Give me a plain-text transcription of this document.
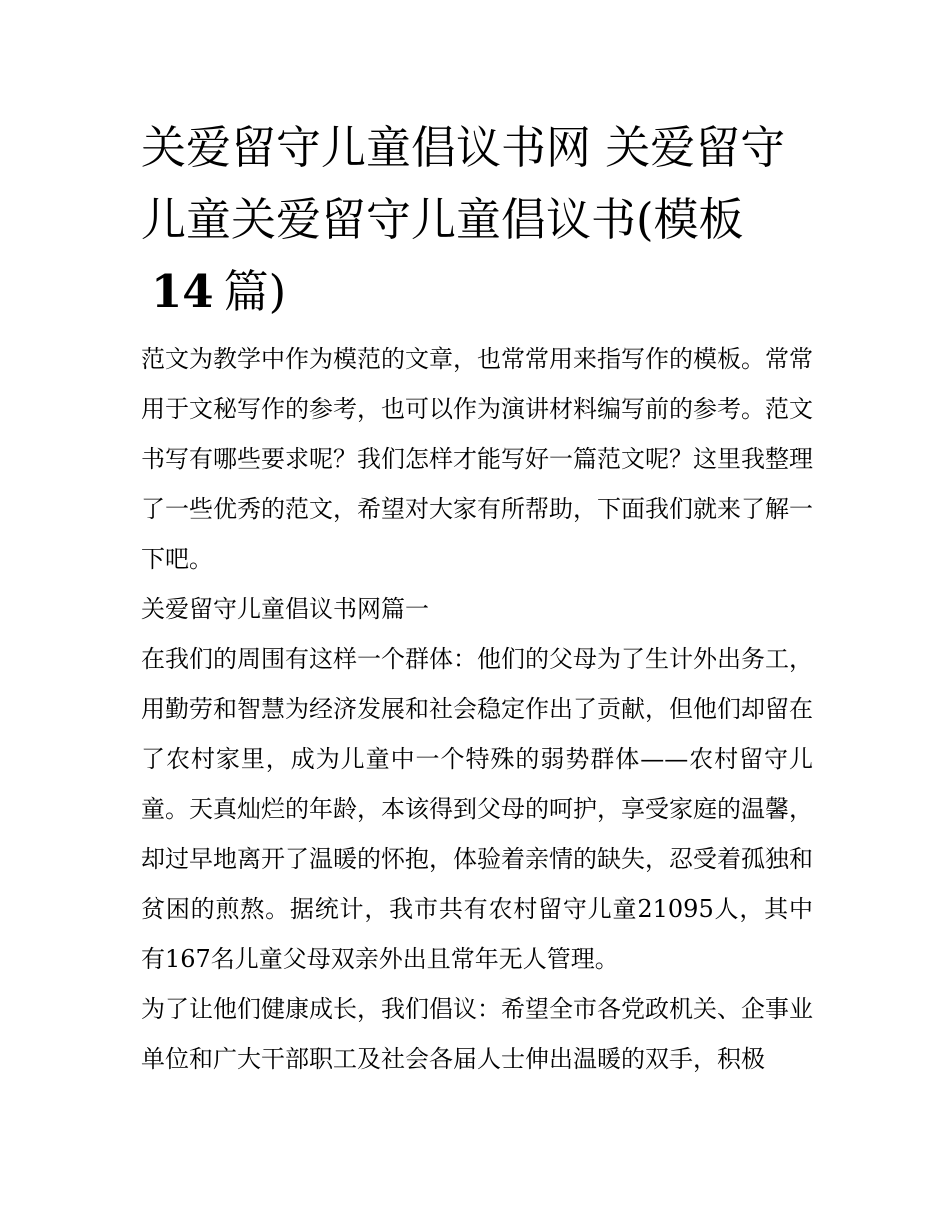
关爱留守儿童倡议书网 关爱留守儿童关爱留守儿童倡议书(模板14 篇)

范文为教学中作为模范的文章，也常常用来指写作的模板。常常用于文秘写作的参考，也可以作为演讲材料编写前的参考。范文书写有哪些要求呢？我们怎样才能写好一篇范文呢？这里我整理了一些优秀的范文，希望对大家有所帮助，下面我们就来了解一下吧。

关爱留守儿童倡议书网篇一

在我们的周围有这样一个群体：他们的父母为了生计外出务工，用勤劳和智慧为经济发展和社会稳定作出了贡献，但他们却留在了农村家里，成为儿童中一个特殊的弱势群体——农村留守儿童。天真灿烂的年龄，本该得到父母的呵护，享受家庭的温馨，却过早地离开了温暖的怀抱，体验着亲情的缺失，忍受着孤独和贫困的煎熬。据统计，我市共有农村留守儿童21095人，其中有167名儿童父母双亲外出且常年无人管理。

为了让他们健康成长，我们倡议：希望全市各党政机关、企事业单位和广大干部职工及社会各届人士伸出温暖的双手，积极
